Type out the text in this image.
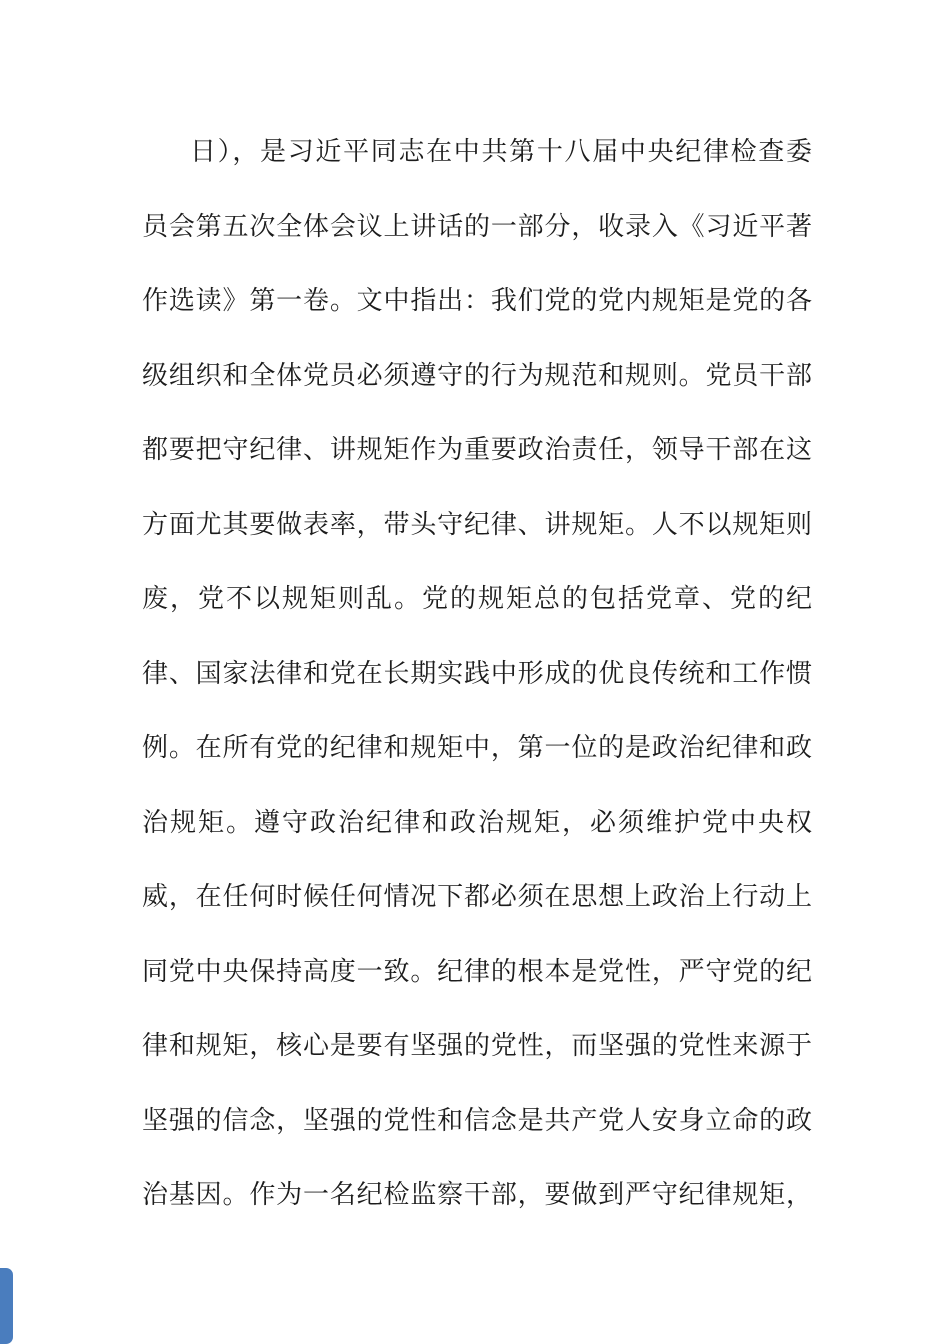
日），是习近平同志在中共第十八届中央纪律检查委
员会第五次全体会议上讲话的一部分，收录入《习近平著
作选读》第一卷。文中指出：我们党的党内规矩是党的各
级组织和全体党员必须遵守的行为规范和规则。党员干部
都要把守纪律、讲规矩作为重要政治责任，领导干部在这
方面尤其要做表率，带头守纪律、讲规矩。人不以规矩则
废，党不以规矩则乱。党的规矩总的包括党章、党的纪
律、国家法律和党在长期实践中形成的优良传统和工作惯
例。在所有党的纪律和规矩中，第一位的是政治纪律和政
治规矩。遵守政治纪律和政治规矩，必须维护党中央权
威，在任何时候任何情况下都必须在思想上政治上行动上
同党中央保持高度一致。纪律的根本是党性，严守党的纪
律和规矩，核心是要有坚强的党性，而坚强的党性来源于
坚强的信念，坚强的党性和信念是共产党人安身立命的政
治基因。作为一名纪检监察干部，要做到严守纪律规矩，
